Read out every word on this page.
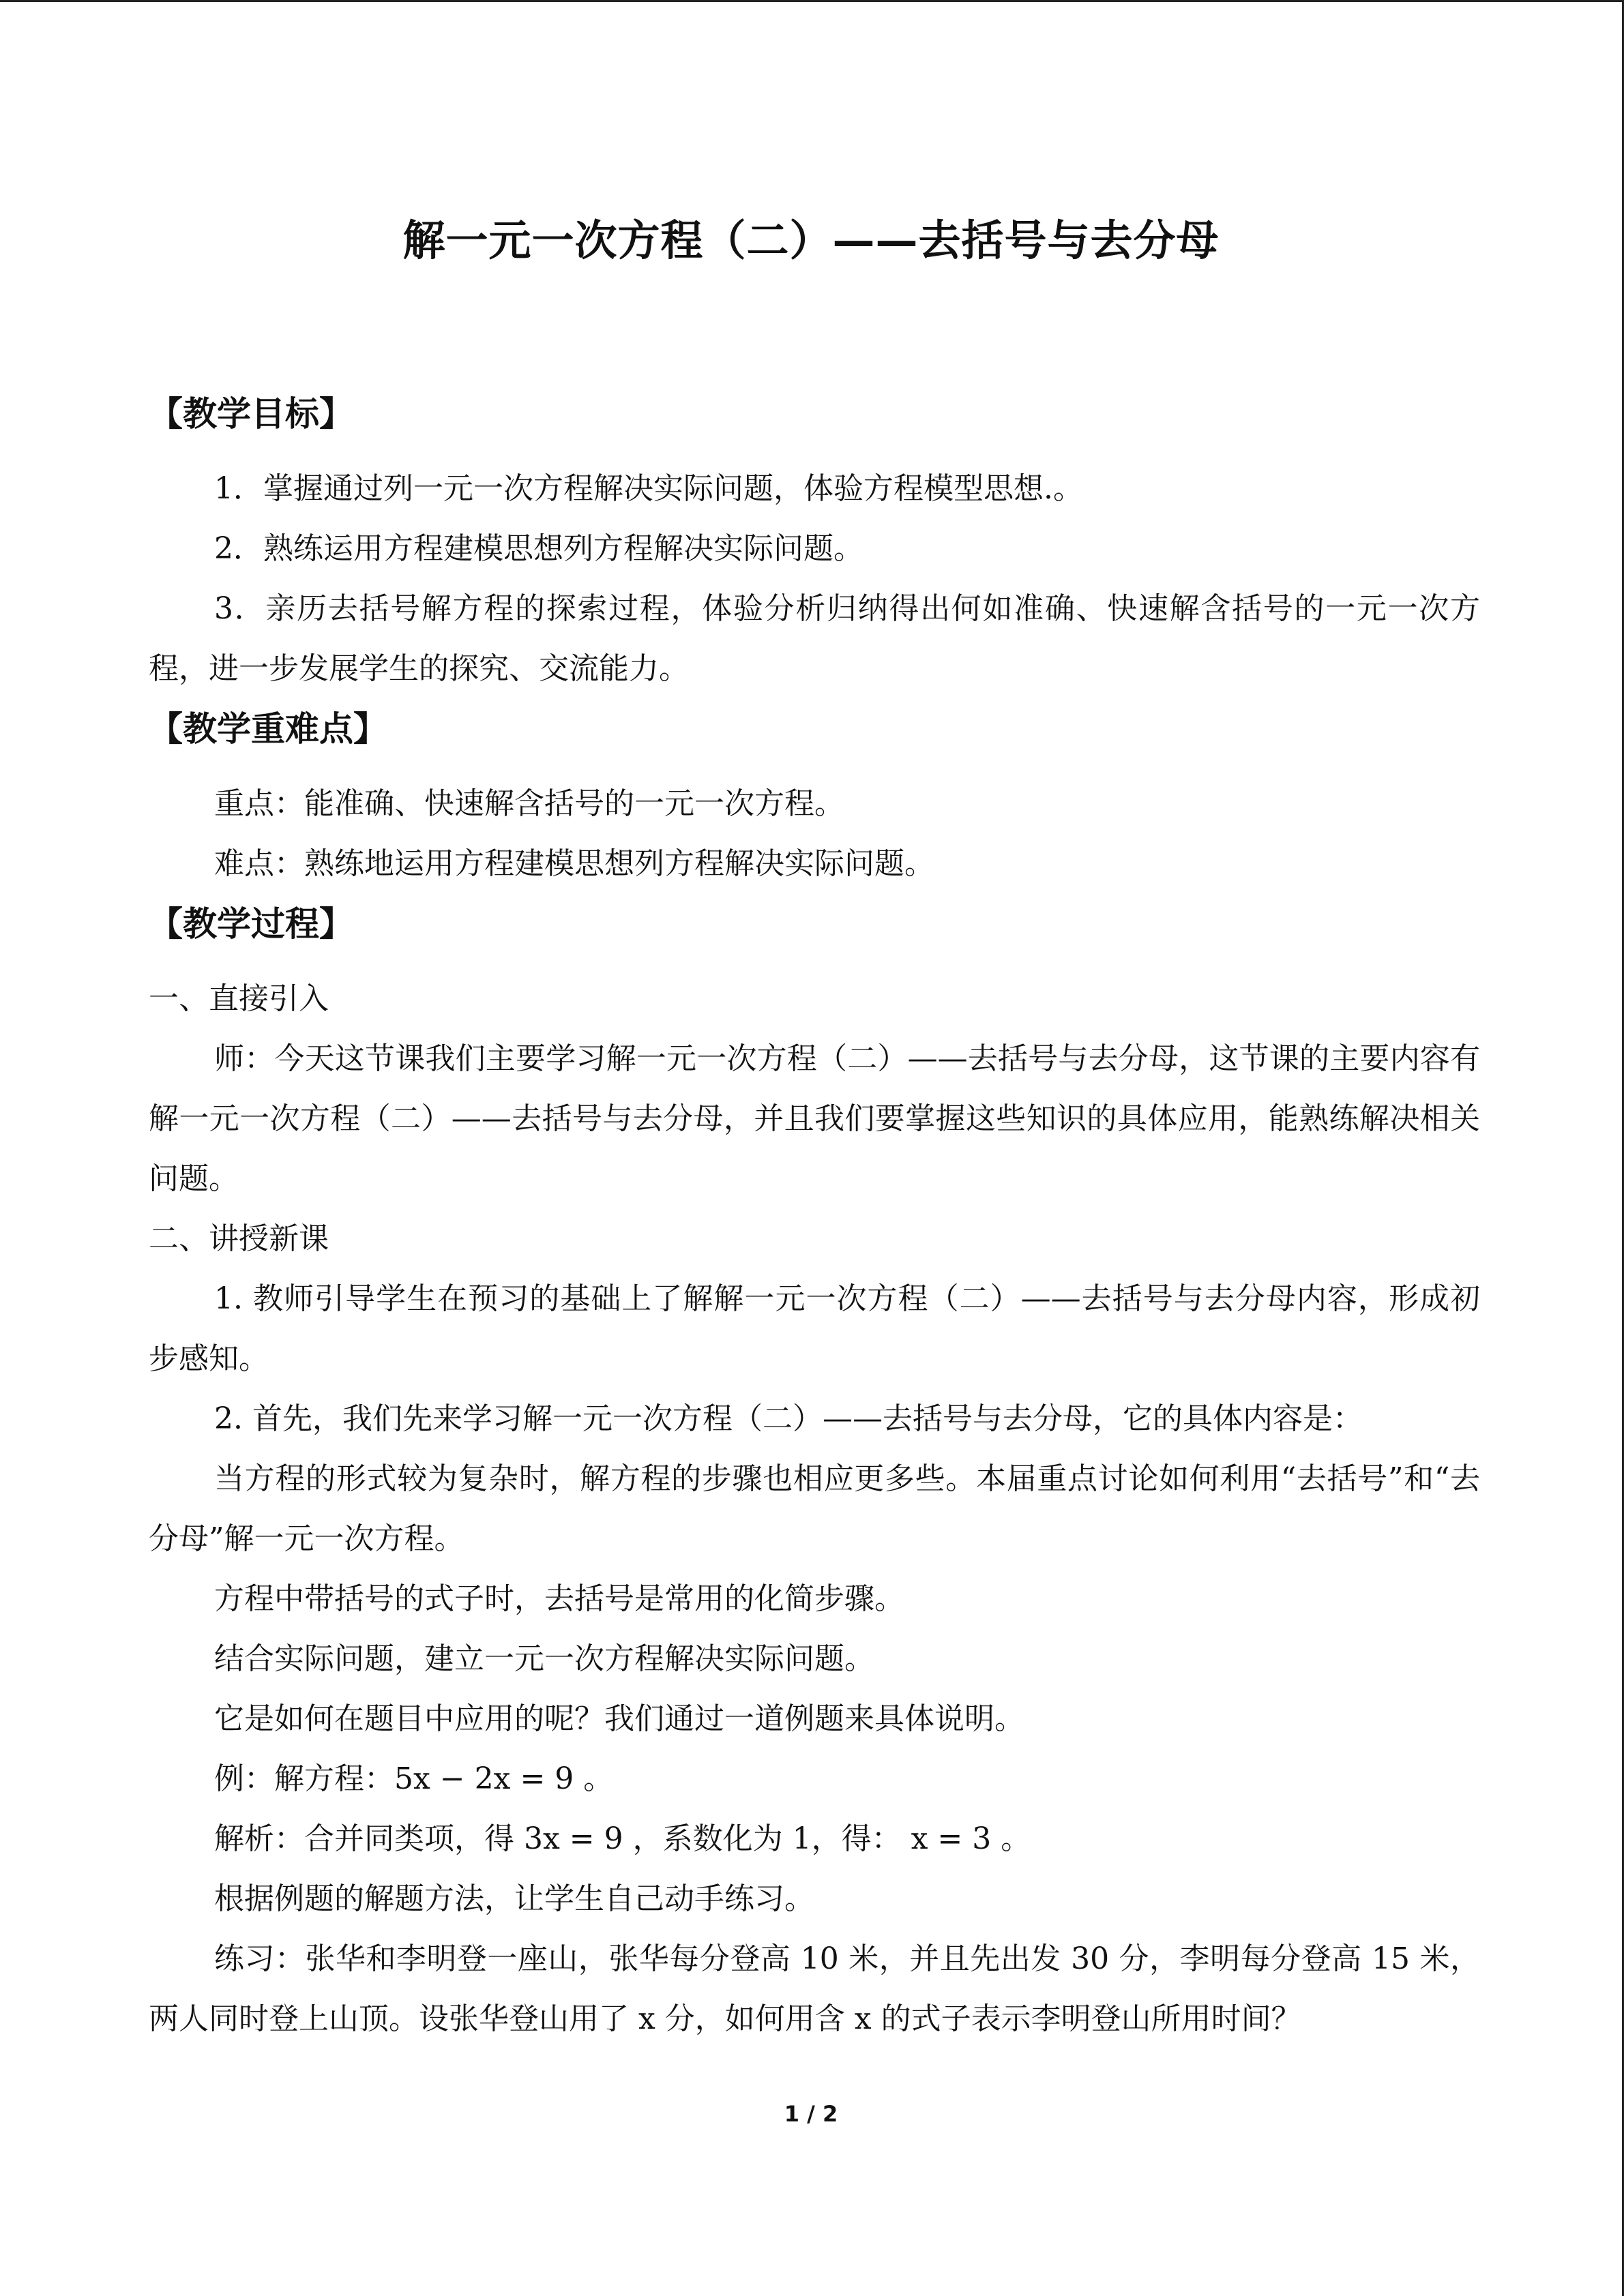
解一元一次方程（二）——去括号与去分母
【教学目标】

1．掌握通过列一元一次方程解决实际问题，体验方程模型思想.。

2．熟练运用方程建模思想列方程解决实际问题。

3．亲历去括号解方程的探索过程，体验分析归纳得出何如准确、快速解含括号的一元一次方程，进一步发展学生的探究、交流能力。

【教学重难点】

重点：能准确、快速解含括号的一元一次方程。

难点：熟练地运用方程建模思想列方程解决实际问题。

【教学过程】

一、直接引入

师：今天这节课我们主要学习解一元一次方程（二）——去括号与去分母，这节课的主要内容有解一元一次方程（二）——去括号与去分母，并且我们要掌握这些知识的具体应用，能熟练解决相关问题。

二、讲授新课

1. 教师引导学生在预习的基础上了解解一元一次方程（二）——去括号与去分母内容，形成初步感知。

2. 首先，我们先来学习解一元一次方程（二）——去括号与去分母，它的具体内容是：

当方程的形式较为复杂时，解方程的步骤也相应更多些。本届重点讨论如何利用“去括号”和“去分母”解一元一次方程。

方程中带括号的式子时，去括号是常用的化简步骤。

结合实际问题，建立一元一次方程解决实际问题。

它是如何在题目中应用的呢？我们通过一道例题来具体说明。

例：解方程：5x − 2x = 9 。

解析：合并同类项，得 3x = 9 ，系数化为 1，得： x = 3 。

根据例题的解题方法，让学生自己动手练习。

练习：张华和李明登一座山，张华每分登高 10 米，并且先出发 30 分，李明每分登高 15 米，两人同时登上山顶。设张华登山用了 x 分，如何用含 x 的式子表示李明登山所用时间？

1 / 2
